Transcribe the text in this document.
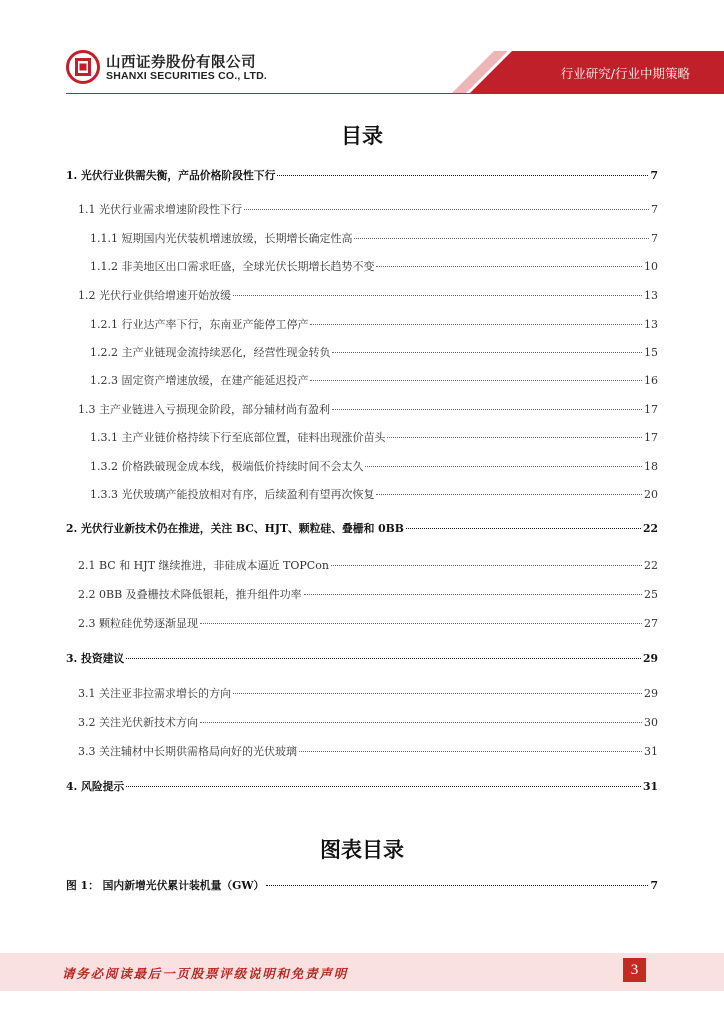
山西证券股份有限公司
SHANXI SECURITIES CO., LTD.	行业研究/行业中期策略
目录
1. 光伏行业供需失衡，产品价格阶段性下行	7
1.1 光伏行业需求增速阶段性下行	7
1.1.1 短期国内光伏装机增速放缓，长期增长确定性高	7
1.1.2 非美地区出口需求旺盛，全球光伏长期增长趋势不变	10
1.2 光伏行业供给增速开始放缓	13
1.2.1 行业达产率下行，东南亚产能停工停产	13
1.2.2 主产业链现金流持续恶化，经营性现金转负	15
1.2.3 固定资产增速放缓，在建产能延迟投产	16
1.3 主产业链进入亏损现金阶段，部分辅材尚有盈利	17
1.3.1 主产业链价格持续下行至底部位置，硅料出现涨价苗头	17
1.3.2 价格跌破现金成本线，极端低价持续时间不会太久	18
1.3.3 光伏玻璃产能投放相对有序，后续盈利有望再次恢复	20
2. 光伏行业新技术仍在推进，关注 BC、HJT、颗粒硅、叠栅和 0BB	22
2.1 BC 和 HJT 继续推进，非硅成本逼近 TOPCon	22
2.2 0BB 及叠栅技术降低银耗，推升组件功率	25
2.3 颗粒硅优势逐渐显现	27
3. 投资建议	29
3.1 关注亚非拉需求增长的方向	29
3.2 关注光伏新技术方向	30
3.3 关注辅材中长期供需格局向好的光伏玻璃	31
4. 风险提示	31
图表目录
图 1： 国内新增光伏累计装机量（GW）	7
请务必阅读最后一页股票评级说明和免责声明	3
